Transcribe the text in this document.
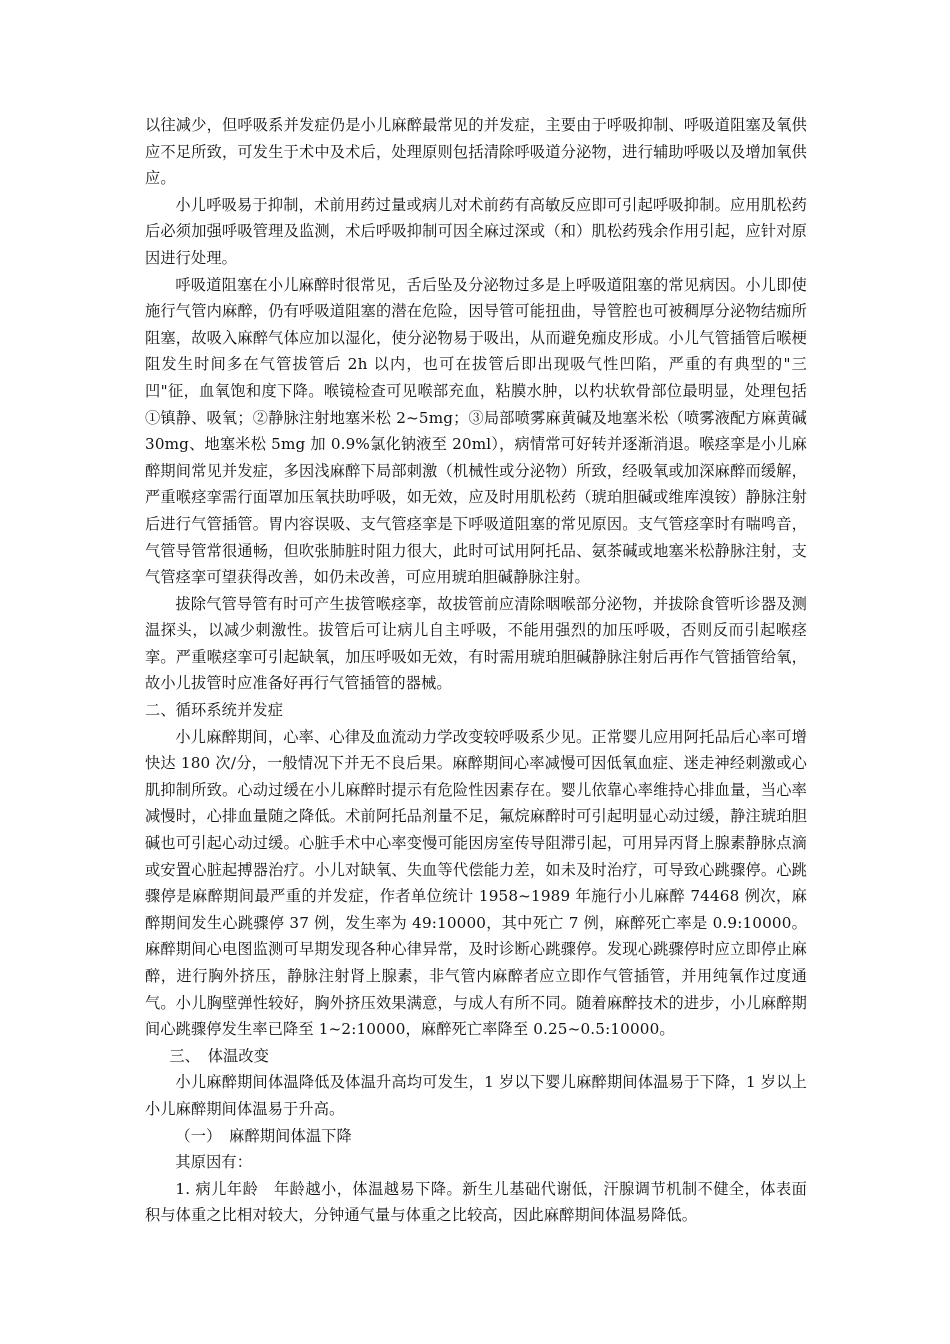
以往减少，但呼吸系并发症仍是小儿麻醉最常见的并发症，主要由于呼吸抑制、呼吸道阻塞及氧供应不足所致，可发生于术中及术后，处理原则包括清除呼吸道分泌物，进行辅助呼吸以及增加氧供应。

小儿呼吸易于抑制，术前用药过量或病儿对术前药有高敏反应即可引起呼吸抑制。应用肌松药后必须加强呼吸管理及监测，术后呼吸抑制可因全麻过深或（和）肌松药残余作用引起，应针对原因进行处理。

呼吸道阻塞在小儿麻醉时很常见，舌后坠及分泌物过多是上呼吸道阻塞的常见病因。小儿即使施行气管内麻醉，仍有呼吸道阻塞的潜在危险，因导管可能扭曲，导管腔也可被稠厚分泌物结痂所阻塞，故吸入麻醉气体应加以湿化，使分泌物易于吸出，从而避免痂皮形成。小儿气管插管后喉梗阻发生时间多在气管拔管后 2h 以内，也可在拔管后即出现吸气性凹陷，严重的有典型的"三凹"征，血氧饱和度下降。喉镜检查可见喉部充血，粘膜水肿，以杓状软骨部位最明显，处理包括①镇静、吸氧；②静脉注射地塞米松 2~5mg；③局部喷雾麻黄碱及地塞米松（喷雾液配方麻黄碱 30mg、地塞米松 5mg 加 0.9%氯化钠液至 20ml），病情常可好转并逐渐消退。喉痉挛是小儿麻醉期间常见并发症，多因浅麻醉下局部刺激（机械性或分泌物）所致，经吸氧或加深麻醉而缓解，严重喉痉挛需行面罩加压氧扶助呼吸，如无效，应及时用肌松药（琥珀胆碱或维库溴铵）静脉注射后进行气管插管。胃内容误吸、支气管痉挛是下呼吸道阻塞的常见原因。支气管痉挛时有喘鸣音，气管导管常很通畅，但吹张肺脏时阻力很大，此时可试用阿托品、氨茶碱或地塞米松静脉注射，支气管痉挛可望获得改善，如仍未改善，可应用琥珀胆碱静脉注射。

拔除气管导管有时可产生拔管喉痉挛，故拔管前应清除咽喉部分泌物，并拔除食管听诊器及测温探头，以减少刺激性。拔管后可让病儿自主呼吸，不能用强烈的加压呼吸，否则反而引起喉痉挛。严重喉痉挛可引起缺氧，加压呼吸如无效，有时需用琥珀胆碱静脉注射后再作气管插管给氧，故小儿拔管时应准备好再行气管插管的器械。

二、循环系统并发症

小儿麻醉期间，心率、心律及血流动力学改变较呼吸系少见。正常婴儿应用阿托品后心率可增快达 180 次/分，一般情况下并无不良后果。麻醉期间心率减慢可因低氧血症、迷走神经刺激或心肌抑制所致。心动过缓在小儿麻醉时提示有危险性因素存在。婴儿依靠心率维持心排血量，当心率减慢时，心排血量随之降低。术前阿托品剂量不足，氟烷麻醉时可引起明显心动过缓，静注琥珀胆碱也可引起心动过缓。心脏手术中心率变慢可能因房室传导阻滞引起，可用异丙肾上腺素静脉点滴或安置心脏起搏器治疗。小儿对缺氧、失血等代偿能力差，如未及时治疗，可导致心跳骤停。心跳骤停是麻醉期间最严重的并发症，作者单位统计 1958~1989 年施行小儿麻醉 74468 例次，麻醉期间发生心跳骤停 37 例，发生率为 49:10000，其中死亡 7 例，麻醉死亡率是 0.9:10000。麻醉期间心电图监测可早期发现各种心律异常，及时诊断心跳骤停。发现心跳骤停时应立即停止麻醉，进行胸外挤压，静脉注射肾上腺素，非气管内麻醉者应立即作气管插管，并用纯氧作过度通气。小儿胸壁弹性较好，胸外挤压效果满意，与成人有所不同。随着麻醉技术的进步，小儿麻醉期间心跳骤停发生率已降至 1~2:10000，麻醉死亡率降至 0.25~0.5:10000。

三、　体温改变

小儿麻醉期间体温降低及体温升高均可发生，1 岁以下婴儿麻醉期间体温易于下降，1 岁以上小儿麻醉期间体温易于升高。

（一）　麻醉期间体温下降

其原因有：

1. 病儿年龄　年龄越小，体温越易下降。新生儿基础代谢低，汗腺调节机制不健全，体表面积与体重之比相对较大，分钟通气量与体重之比较高，因此麻醉期间体温易降低。
